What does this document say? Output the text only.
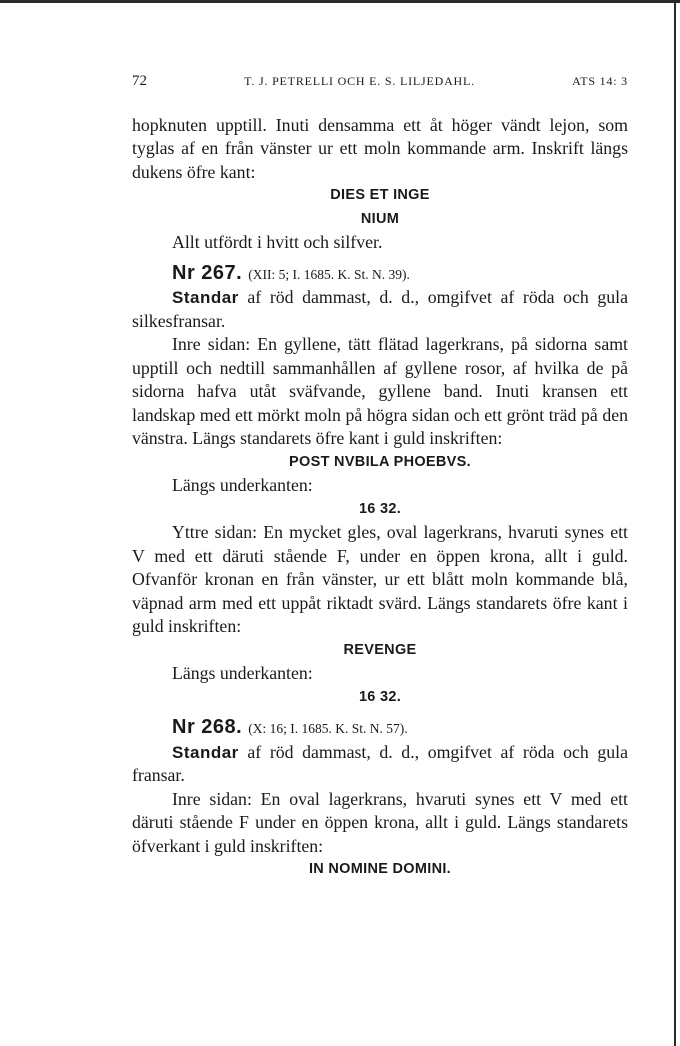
72	T. J. PETRELLI OCH E. S. LILJEDAHL.	ATS 14: 3
hopknuten upptill. Inuti densamma ett åt höger vändt lejon, som tyglas af en från vänster ur ett moln kommande arm. Inskrift längs dukens öfre kant:
DIES ET INGE
NIUM
Allt utfördt i hvitt och silfver.
Nr 267. (XII: 5; I. 1685. K. St. N. 39).
Standar af röd dammast, d. d., omgifvet af röda och gula silkesfransar.
Inre sidan: En gyllene, tätt flätad lagerkrans, på sidorna samt upptill och nedtill sammanhållen af gyllene rosor, af hvilka de på sidorna hafva utåt sväfvande, gyllene band. Inuti kransen ett landskap med ett mörkt moln på högra sidan och ett grönt träd på den vänstra. Längs standarets öfre kant i guld inskriften:
POST NVBILA PHOEBVS.
Längs underkanten:
16 32.
Yttre sidan: En mycket gles, oval lagerkrans, hvaruti synes ett V med ett däruti stående F, under en öppen krona, allt i guld. Ofvanför kronan en från vänster, ur ett blått moln kommande blå, väpnad arm med ett uppåt riktadt svärd. Längs standarets öfre kant i guld inskriften:
REVENGE
Längs underkanten:
16 32.
Nr 268. (X: 16; I. 1685. K. St. N. 57).
Standar af röd dammast, d. d., omgifvet af röda och gula fransar.
Inre sidan: En oval lagerkrans, hvaruti synes ett V med ett däruti stående F under en öppen krona, allt i guld. Längs standarets öfverkant i guld inskriften:
IN NOMINE DOMINI.
